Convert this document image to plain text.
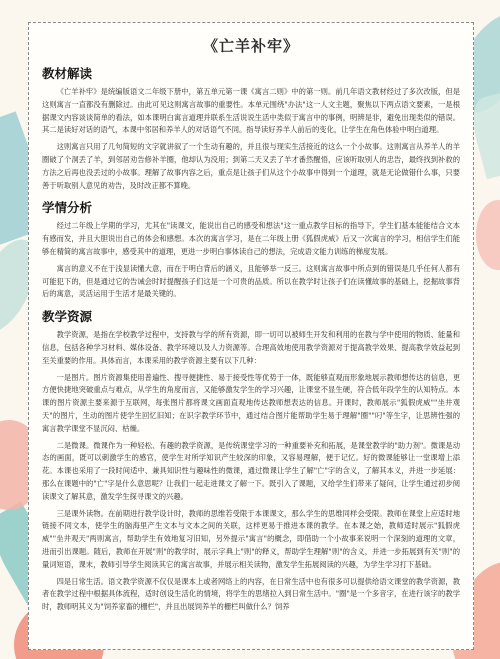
《亡羊补牢》
教材解读

《亡羊补牢》是统编版语文二年级下册中，第五单元第一课《寓言二则》中的第一则。前几年语文教材经过了多次改版，但是这则寓言一直都没有删除过。由此可见这则寓言故事的重要性。本单元围绕"办法"这一人文主题，聚焦以下两点语文要素，一是根据课文内容谈谈简单的看法，如本课明白寓言道理并联系生活说说生活中类似于寓言中的事例，明辨是非，避免出现类似的错误。其二是读好对话的语气，本课中邻居和养羊人的对话语气不同。指导读好养羊人前后的变化，让学生在角色体验中明白道理。

这则寓言只用了几句简短的文字就讲叙了一个生动有趣的，并且很与现实生活接近的这么一个小故事。这则寓言从养羊人的羊圈破了个洞丢了羊，到邻居劝告修补羊圈，他却认为没用；到第二天又丢了羊才番然醒悟，应该听取别人的忠告，最终找到补救的方法之后再也没丢过的小故事。理解了故事内容之后，重点是让孩子们从这个小故事中得到一个道理，就是无论做错什么事，只要善于听取别人意见的劝告，及时改正都不算晚。

学情分析

经过二年级上学期的学习，尤其在"读课文，能说出自己的感受和想法"这一重点教学目标的指导下，学生们基本能能结合文本有感而发，并且大胆说出自己的体会和感想。本次的寓言学习，是在二年级上册《狐假虎威》后又一次寓言的学习，相信学生们能够在精简的寓言故事中，感受其中的道理，更进一步明白事体读自己的想法，完成语文能力训练的梯度发展。

寓言的意义不在于浅显读懂大意，而在于明白背后的涵义，且能够举一反三。这则寓言故事中所点到的错误是几乎任何人都有可能犯下的，但是通过它的告诫会时时提醒孩子们这是一个可贵的品质。所以在教学时让孩子们在读懂故事的基础上，挖掘故事背后的寓意，灵活运用于生活才是最关键的。

教学资源

教学资源，是指在学校教学过程中，支持教与学的所有资源，即一切可以被师生开发和利用的在教与学中使用的物质、能量和信息，包括各种学习材料、媒体设备、教学环境以及人力资源等。合理高效地使用教学资源对于提高教学效果、提高教学效益起到至关重要的作用。具体而言，本课采用的教学资源主要有以下几种：

一是图片。图片资源集使用普遍性、搜寻便捷性、易于接受性等优势于一体，既能够直观而形象地展示教师想传达的信息，更方便快捷地突破重点与难点，从学生的角度而言，又能够激发学生的学习兴趣，让课堂不显生硬，符合低年段学生的认知特点。本课的图片资源主要来源于互联网，每张图片都将课文画面直观地传达教师想表达的信息。开课时，教师展示"狐假虎威""坐井观天"的图片，生动的图片使学生回忆旧知；在识字教学环节中，通过结合图片能帮助学生易于理解"圈""叼"等生字，让思辨性强的寓言教学课堂不显沉闷、枯燥。

二是微课。微课作为一种轻松、有趣的教学资源，是传统课堂学习的一种重要补充和拓展，是课堂教学的"助力剂"。微课是动态的画面，既可以刺激学生的感官，使学生对所学知识产生较深的印象，又容易理解，便于记忆。好的微课能够让一堂课增上添花。本课也采用了一段时间适中、兼具知识性与趣味性的微课，通过微课让学生了解"亡"字的含义，了解其本义，并进一步延展：那么在课题中的"亡"字是什么意思呢？让我们一起走进课文了解一下。既引入了课题，又给学生们带来了疑问，让学生通过初步阅读课文了解其意，激发学生探寻课文的兴趣。

三是课外读物。在前期进行教学设计时，教师的思维若受限于本课课文，那么学生的思维同样会受限。教师在课堂上应适时地链接不同文本，使学生的脑海里产生文本与文本之间的关联，这样更易于推进本课的教学。在本课之始，教师适时展示"狐假虎威""坐井观天"两则寓言，帮助学生有效地复习旧知，另外提示"寓言"的概念，即借助一个小故事来说明一个深刻的道理的文章，进而引出课题。随后，教师在开展"则"的教学时，展示字典上"则"的释义，帮助学生理解"则"的含义，并进一步拓展到有关"则"的量词短语，课末，教师引导学生阅读其它的寓言故事，并展示相关读物，激发学生拓展阅读的兴趣，为学生学习打下基础。

四是日常生活。语文教学资源不仅仅是课本上或者网络上的内容，在日常生活中也有很多可以提供给语文课堂的教学资源，教者在教学过程中根据具体流程，适时创设生活化的情境，将学生的思绪拉入到日常生活中。"圈"是一个多音字，在进行该字的教学时，教师明其义为"饲养家畜的栅栏"，并且出展饲养羊的栅栏叫做什么？饲养
